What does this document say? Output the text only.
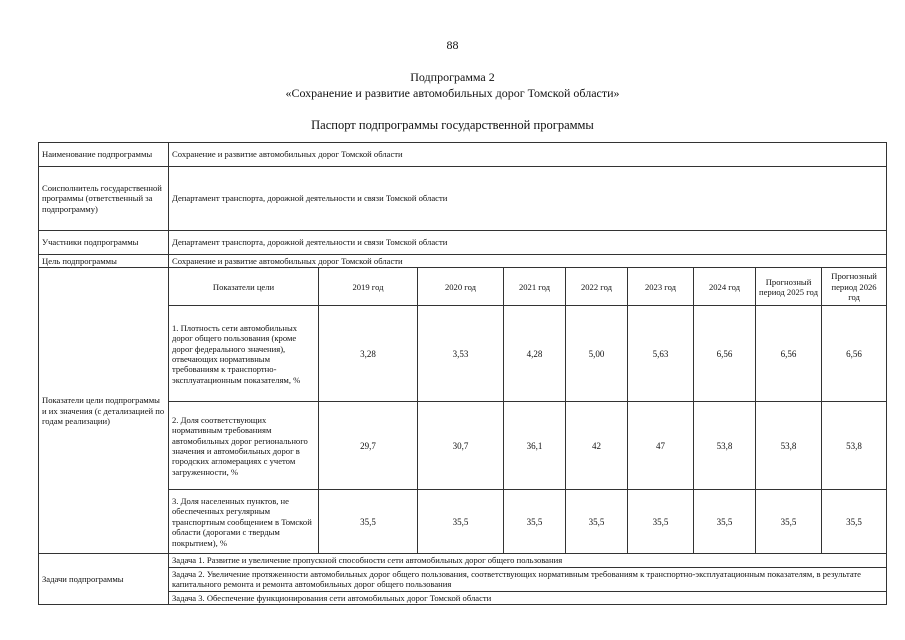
88
Подпрограмма 2
«Сохранение и развитие автомобильных дорог Томской области»
Паспорт подпрограммы государственной программы
Наименование подпрограммы	Сохранение и развитие автомобильных дорог Томской области								
Соисполнитель государственной программы (ответственный за подпрограмму)	Департамент транспорта, дорожной деятельности и связи Томской области								
Участники подпрограммы	Департамент транспорта, дорожной деятельности и связи Томской области								
Цель подпрограммы	Сохранение и развитие автомобильных дорог Томской области								
Показатели цели подпрограммы и их значения (с детализацией по годам реализации)	Показатели цели	2019 год	2020 год	2021 год	2022 год	2023 год	2024 год	Прогнозный период 2025 год	Прогнозный период 2026 год
	1. Плотность сети автомобильных дорог общего пользования (кроме дорог федерального значения), отвечающих нормативным требованиям к транспортно-эксплуатационным показателям, %	3,28	3,53	4,28	5,00	5,63	6,56	6,56	6,56
	2. Доля соответствующих нормативным требованиям автомобильных дорог регионального значения и автомобильных дорог в городских агломерациях с учетом загруженности, %	29,7	30,7	36,1	42	47	53,8	53,8	53,8
	3. Доля населенных пунктов, не обеспеченных регулярным транспортным сообщением в Томской области (дорогами с твердым покрытием), %	35,5	35,5	35,5	35,5	35,5	35,5	35,5	35,5
Задачи подпрограммы	Задача 1. Развитие и увеличение пропускной способности сети автомобильных дорог общего пользования								
	Задача 2. Увеличение протяженности автомобильных дорог общего пользования, соответствующих нормативным требованиям к транспортно-эксплуатационным показателям, в результате капитального ремонта и ремонта автомобильных дорог общего пользования								
	Задача 3. Обеспечение функционирования сети автомобильных дорог Томской области								
